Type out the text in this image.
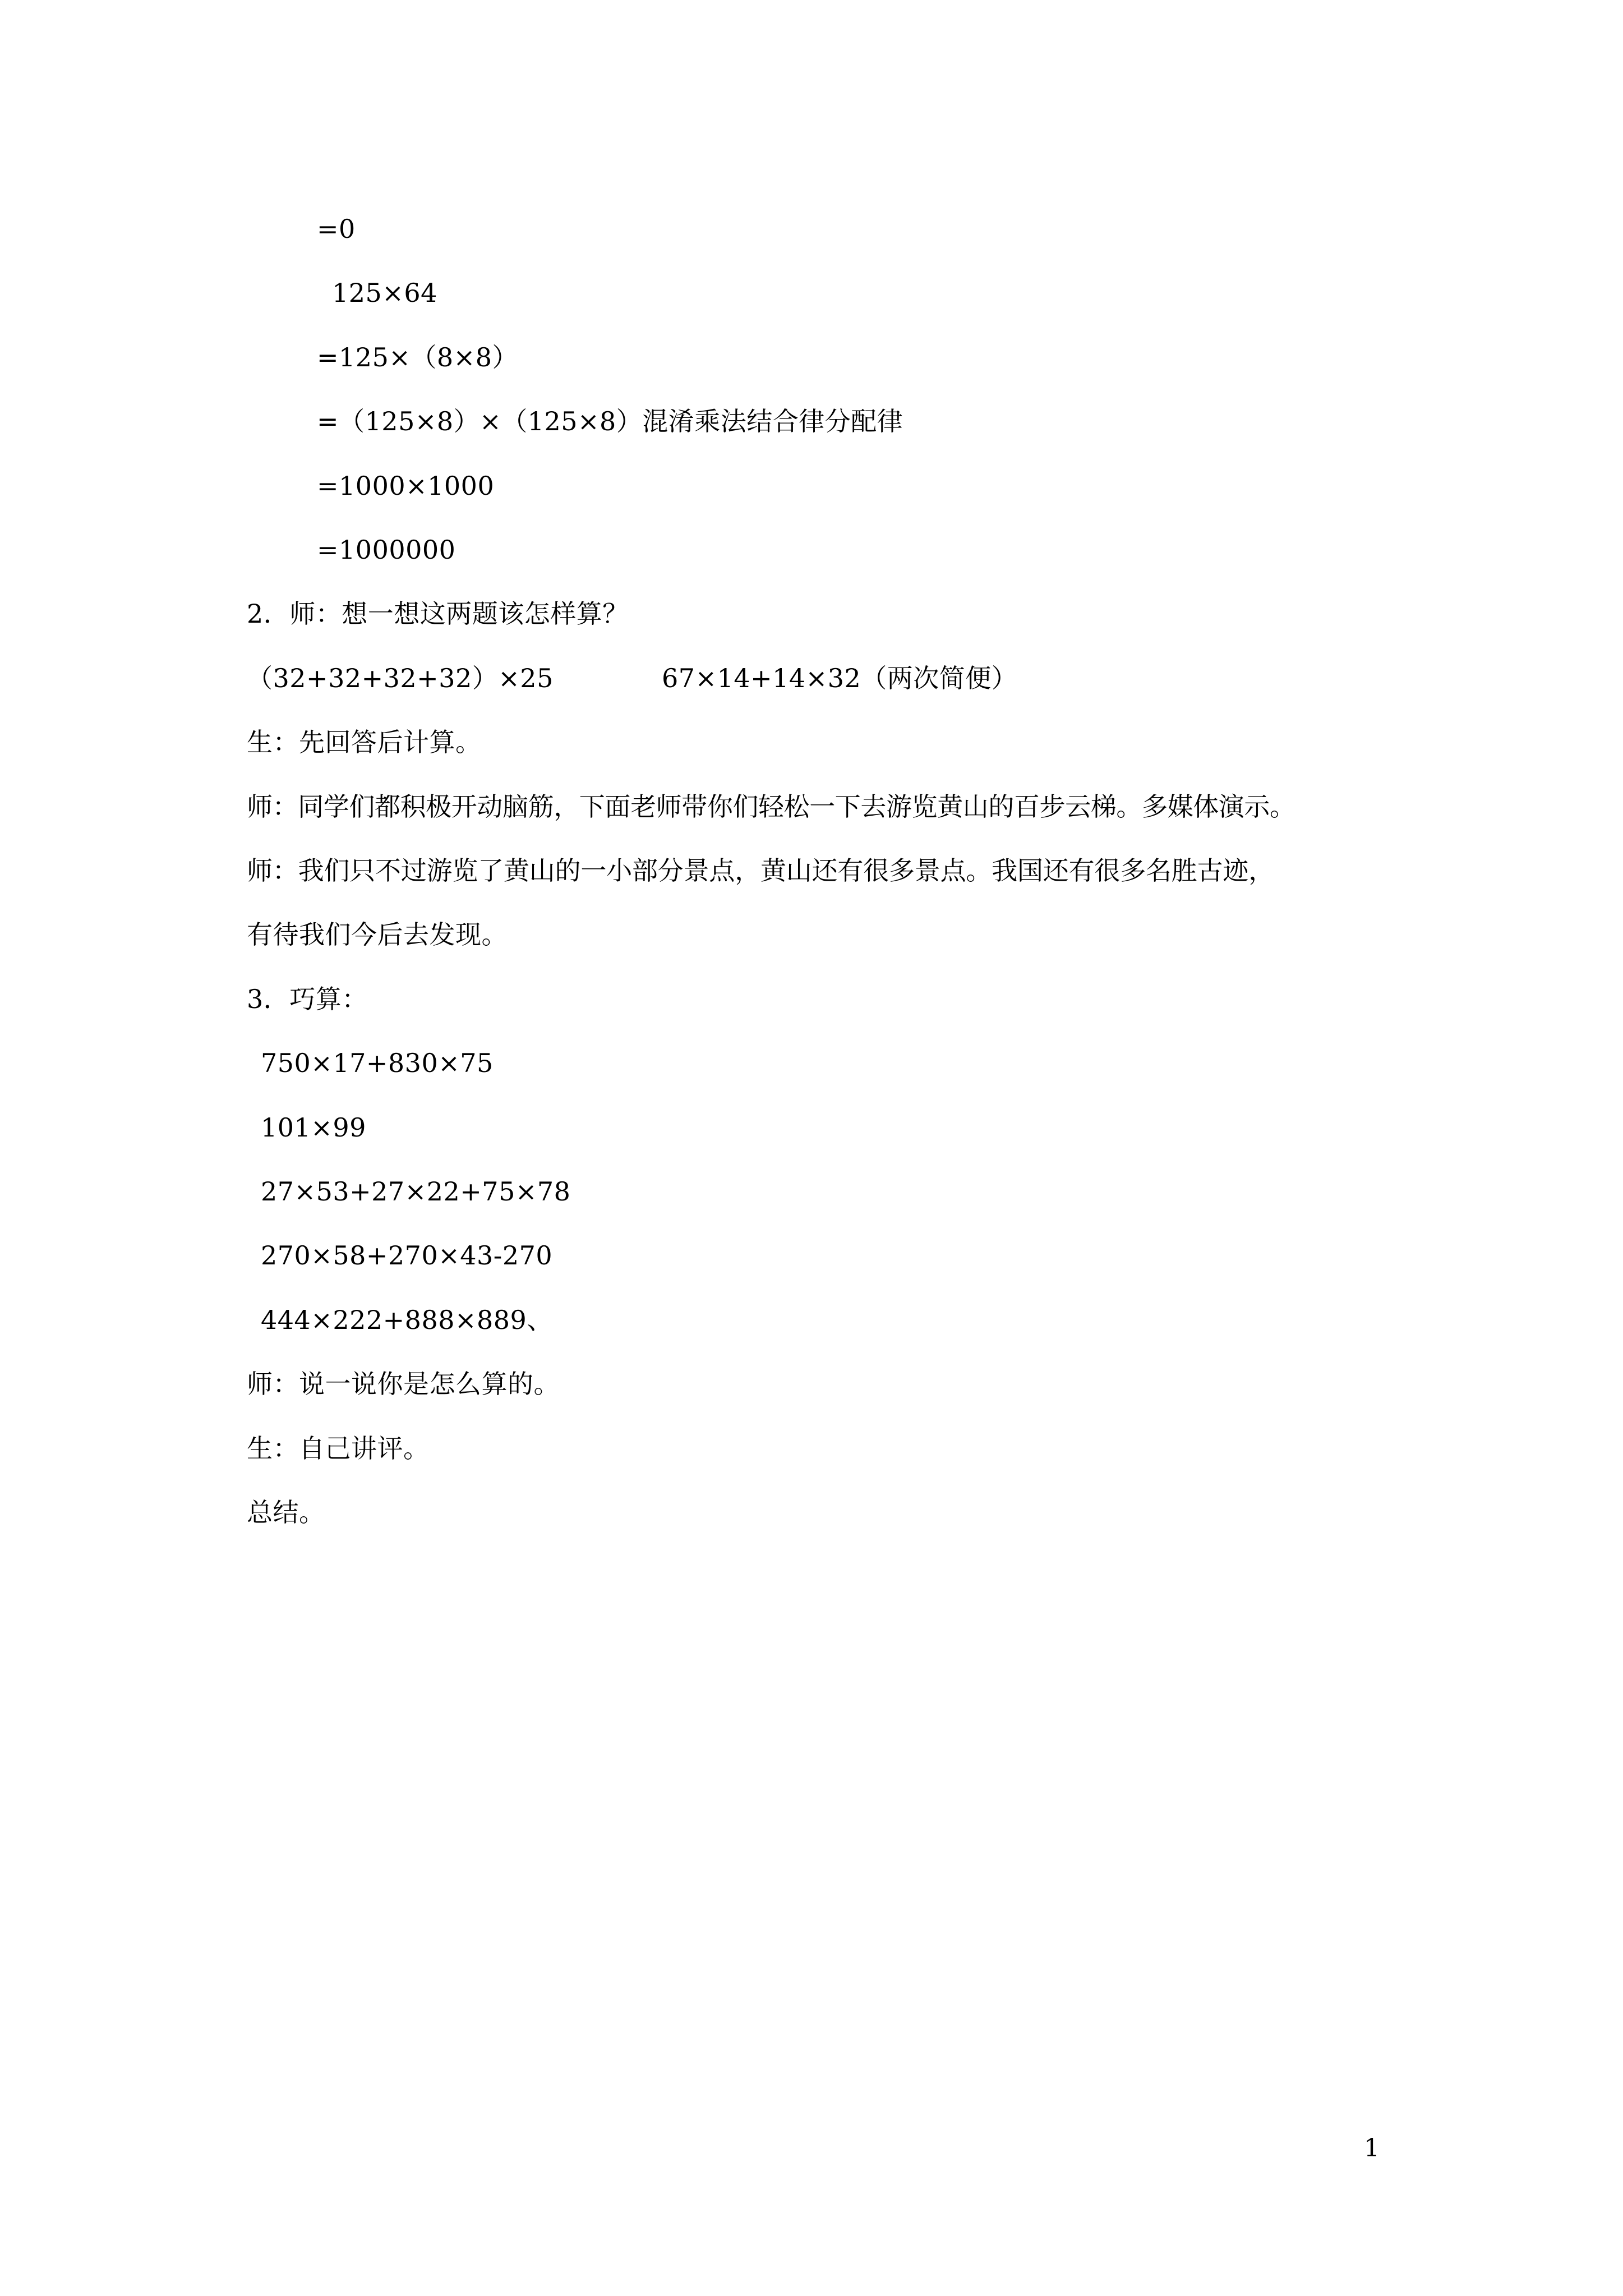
=0
125×64
=125×（8×8）
=（125×8）×（125×8）混淆乘法结合律分配律
=1000×1000
=1000000
2．师：想一想这两题该怎样算？
（32+32+32+32）×25	67×14+14×32（两次简便）
生：先回答后计算。
师：同学们都积极开动脑筋，下面老师带你们轻松一下去游览黄山的百步云梯。多媒体演示。
师：我们只不过游览了黄山的一小部分景点，黄山还有很多景点。我国还有很多名胜古迹，
有待我们今后去发现。
3．巧算：
750×17+830×75
101×99
27×53+27×22+75×78
270×58+270×43-270
444×222+888×889、
师：说一说你是怎么算的。
生：自己讲评。
总结。
1
